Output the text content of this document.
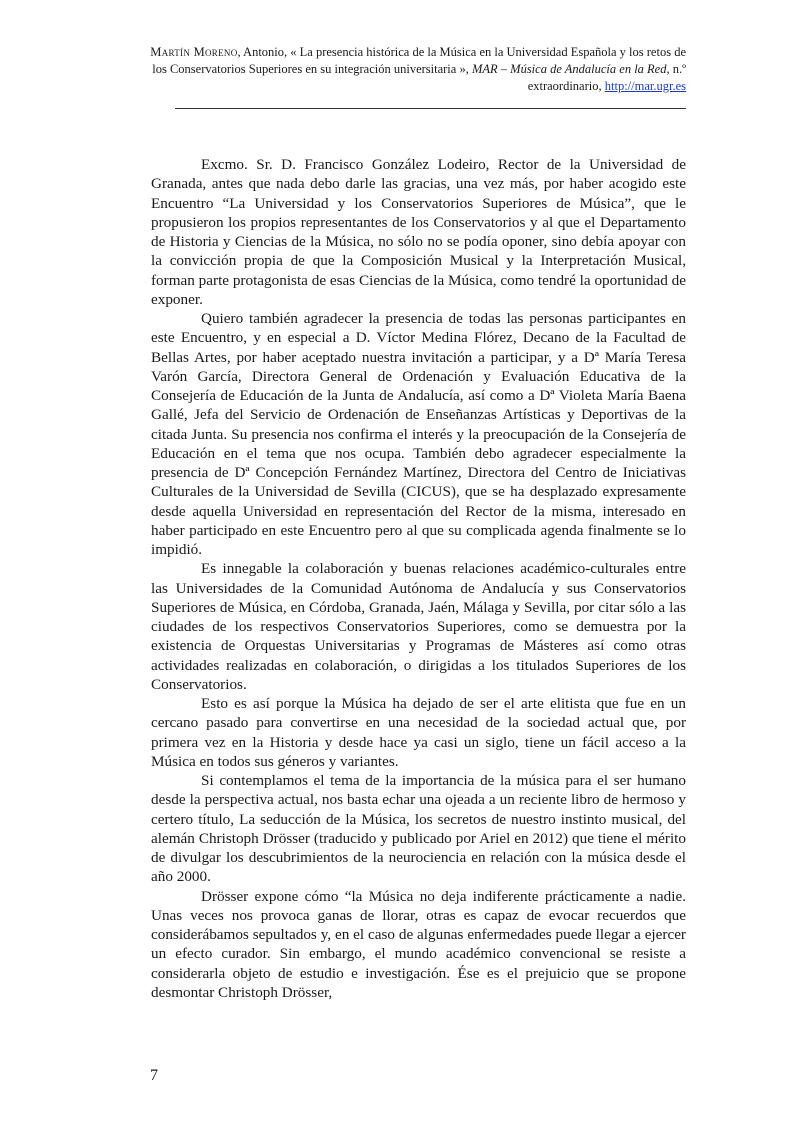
Martín Moreno, Antonio, « La presencia histórica de la Música en la Universidad Española y los retos de los Conservatorios Superiores en su integración universitaria », MAR – Música de Andalucía en la Red, n.º extraordinario, http://mar.ugr.es

Excmo. Sr. D. Francisco González Lodeiro, Rector de la Universidad de Granada, antes que nada debo darle las gracias, una vez más, por haber acogido este Encuentro “La Universidad y los Conservatorios Superiores de Música”, que le propusieron los propios representantes de los Conservatorios y al que el Departamento de Historia y Ciencias de la Música, no sólo no se podía oponer, sino debía apoyar con la convicción propia de que la Composición Musical y la Interpretación Musical, forman parte protagonista de esas Ciencias de la Música, como tendré la oportunidad de exponer.

Quiero también agradecer la presencia de todas las personas participantes en este Encuentro, y en especial a D. Víctor Medina Flórez, Decano de la Facultad de Bellas Artes, por haber aceptado nuestra invitación a participar, y a Dª María Teresa Varón García, Directora General de Ordenación y Evaluación Educativa de la Consejería de Educación de la Junta de Andalucía, así como a Dª Violeta María Baena Gallé, Jefa del Servicio de Ordenación de Enseñanzas Artísticas y Deportivas de la citada Junta. Su presencia nos confirma el interés y la preocupación de la Consejería de Educación en el tema que nos ocupa. También debo agradecer especialmente la presencia de Dª Concepción Fernández Martínez, Directora del Centro de Iniciativas Culturales de la Universidad de Sevilla (CICUS), que se ha desplazado expresamente desde aquella Universidad en representación del Rector de la misma, interesado en haber participado en este Encuentro pero al que su complicada agenda finalmente se lo impidió.

Es innegable la colaboración y buenas relaciones académico-culturales entre las Universidades de la Comunidad Autónoma de Andalucía y sus Conservatorios Superiores de Música, en Córdoba, Granada, Jaén, Málaga y Sevilla, por citar sólo a las ciudades de los respectivos Conservatorios Superiores, como se demuestra por la existencia de Orquestas Universitarias y Programas de Másteres así como otras actividades realizadas en colaboración, o dirigidas a los titulados Superiores de los Conservatorios.

Esto es así porque la Música ha dejado de ser el arte elitista que fue en un cercano pasado para convertirse en una necesidad de la sociedad actual que, por primera vez en la Historia y desde hace ya casi un siglo, tiene un fácil acceso a la Música en todos sus géneros y variantes.

Si contemplamos el tema de la importancia de la música para el ser humano desde la perspectiva actual, nos basta echar una ojeada a un reciente libro de hermoso y certero título, La seducción de la Música, los secretos de nuestro instinto musical, del alemán Christoph Drösser (traducido y publicado por Ariel en 2012) que tiene el mérito de divulgar los descubrimientos de la neurociencia en relación con la música desde el año 2000.

Drösser expone cómo “la Música no deja indiferente prácticamente a nadie. Unas veces nos provoca ganas de llorar, otras es capaz de evocar recuerdos que considerábamos sepultados y, en el caso de algunas enfermedades puede llegar a ejercer un efecto curador. Sin embargo, el mundo académico convencional se resiste a considerarla objeto de estudio e investigación. Ése es el prejuicio que se propone desmontar Christoph Drösser,

7
